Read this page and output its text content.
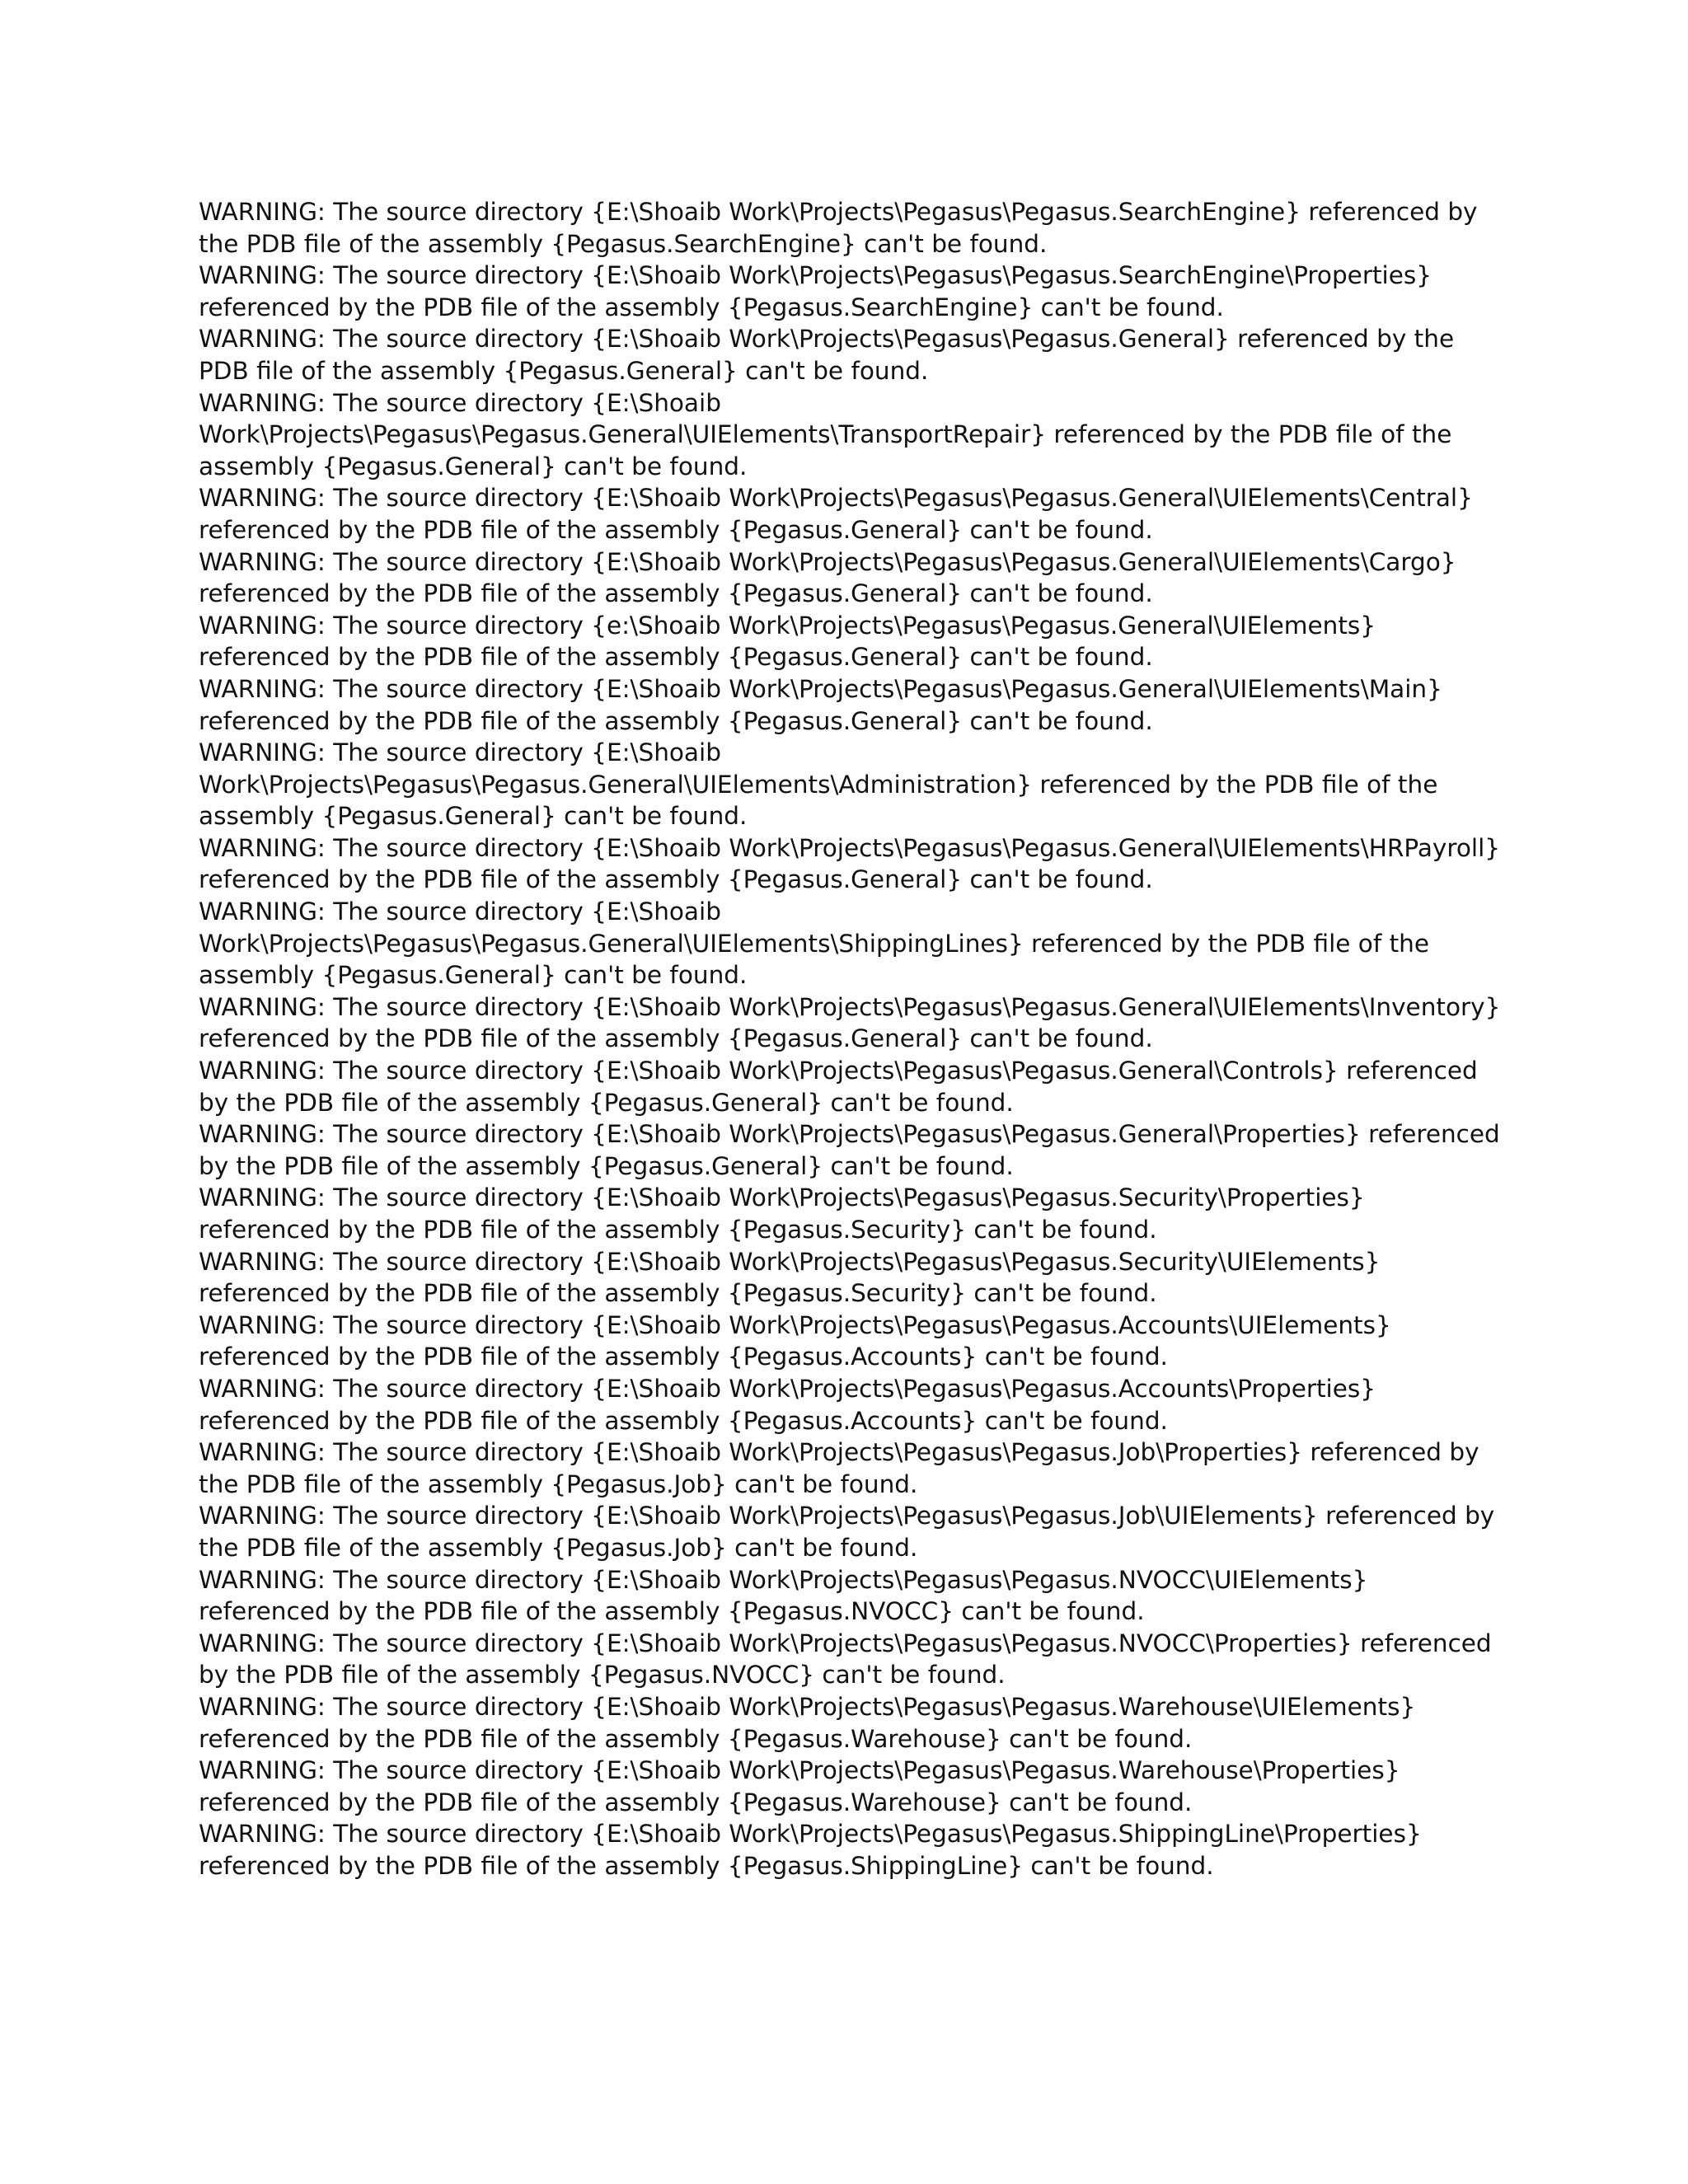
WARNING: The source directory {E:\Shoaib Work\Projects\Pegasus\Pegasus.SearchEngine} referenced by the PDB file of the assembly {Pegasus.SearchEngine} can't be found.
WARNING: The source directory {E:\Shoaib Work\Projects\Pegasus\Pegasus.SearchEngine\Properties} referenced by the PDB file of the assembly {Pegasus.SearchEngine} can't be found.
WARNING: The source directory {E:\Shoaib Work\Projects\Pegasus\Pegasus.General} referenced by the PDB file of the assembly {Pegasus.General} can't be found.
WARNING: The source directory {E:\Shoaib Work\Projects\Pegasus\Pegasus.General\UIElements\TransportRepair} referenced by the PDB file of the assembly {Pegasus.General} can't be found.
WARNING: The source directory {E:\Shoaib Work\Projects\Pegasus\Pegasus.General\UIElements\Central} referenced by the PDB file of the assembly {Pegasus.General} can't be found.
WARNING: The source directory {E:\Shoaib Work\Projects\Pegasus\Pegasus.General\UIElements\Cargo} referenced by the PDB file of the assembly {Pegasus.General} can't be found.
WARNING: The source directory {e:\Shoaib Work\Projects\Pegasus\Pegasus.General\UIElements} referenced by the PDB file of the assembly {Pegasus.General} can't be found.
WARNING: The source directory {E:\Shoaib Work\Projects\Pegasus\Pegasus.General\UIElements\Main} referenced by the PDB file of the assembly {Pegasus.General} can't be found.
WARNING: The source directory {E:\Shoaib Work\Projects\Pegasus\Pegasus.General\UIElements\Administration} referenced by the PDB file of the assembly {Pegasus.General} can't be found.
WARNING: The source directory {E:\Shoaib Work\Projects\Pegasus\Pegasus.General\UIElements\HRPayroll} referenced by the PDB file of the assembly {Pegasus.General} can't be found.
WARNING: The source directory {E:\Shoaib Work\Projects\Pegasus\Pegasus.General\UIElements\ShippingLines} referenced by the PDB file of the assembly {Pegasus.General} can't be found.
WARNING: The source directory {E:\Shoaib Work\Projects\Pegasus\Pegasus.General\UIElements\Inventory} referenced by the PDB file of the assembly {Pegasus.General} can't be found.
WARNING: The source directory {E:\Shoaib Work\Projects\Pegasus\Pegasus.General\Controls} referenced by the PDB file of the assembly {Pegasus.General} can't be found.
WARNING: The source directory {E:\Shoaib Work\Projects\Pegasus\Pegasus.General\Properties} referenced by the PDB file of the assembly {Pegasus.General} can't be found.
WARNING: The source directory {E:\Shoaib Work\Projects\Pegasus\Pegasus.Security\Properties} referenced by the PDB file of the assembly {Pegasus.Security} can't be found.
WARNING: The source directory {E:\Shoaib Work\Projects\Pegasus\Pegasus.Security\UIElements} referenced by the PDB file of the assembly {Pegasus.Security} can't be found.
WARNING: The source directory {E:\Shoaib Work\Projects\Pegasus\Pegasus.Accounts\UIElements} referenced by the PDB file of the assembly {Pegasus.Accounts} can't be found.
WARNING: The source directory {E:\Shoaib Work\Projects\Pegasus\Pegasus.Accounts\Properties} referenced by the PDB file of the assembly {Pegasus.Accounts} can't be found.
WARNING: The source directory {E:\Shoaib Work\Projects\Pegasus\Pegasus.Job\Properties} referenced by the PDB file of the assembly {Pegasus.Job} can't be found.
WARNING: The source directory {E:\Shoaib Work\Projects\Pegasus\Pegasus.Job\UIElements} referenced by the PDB file of the assembly {Pegasus.Job} can't be found.
WARNING: The source directory {E:\Shoaib Work\Projects\Pegasus\Pegasus.NVOCC\UIElements} referenced by the PDB file of the assembly {Pegasus.NVOCC} can't be found.
WARNING: The source directory {E:\Shoaib Work\Projects\Pegasus\Pegasus.NVOCC\Properties} referenced by the PDB file of the assembly {Pegasus.NVOCC} can't be found.
WARNING: The source directory {E:\Shoaib Work\Projects\Pegasus\Pegasus.Warehouse\UIElements} referenced by the PDB file of the assembly {Pegasus.Warehouse} can't be found.
WARNING: The source directory {E:\Shoaib Work\Projects\Pegasus\Pegasus.Warehouse\Properties} referenced by the PDB file of the assembly {Pegasus.Warehouse} can't be found.
WARNING: The source directory {E:\Shoaib Work\Projects\Pegasus\Pegasus.ShippingLine\Properties} referenced by the PDB file of the assembly {Pegasus.ShippingLine} can't be found.
